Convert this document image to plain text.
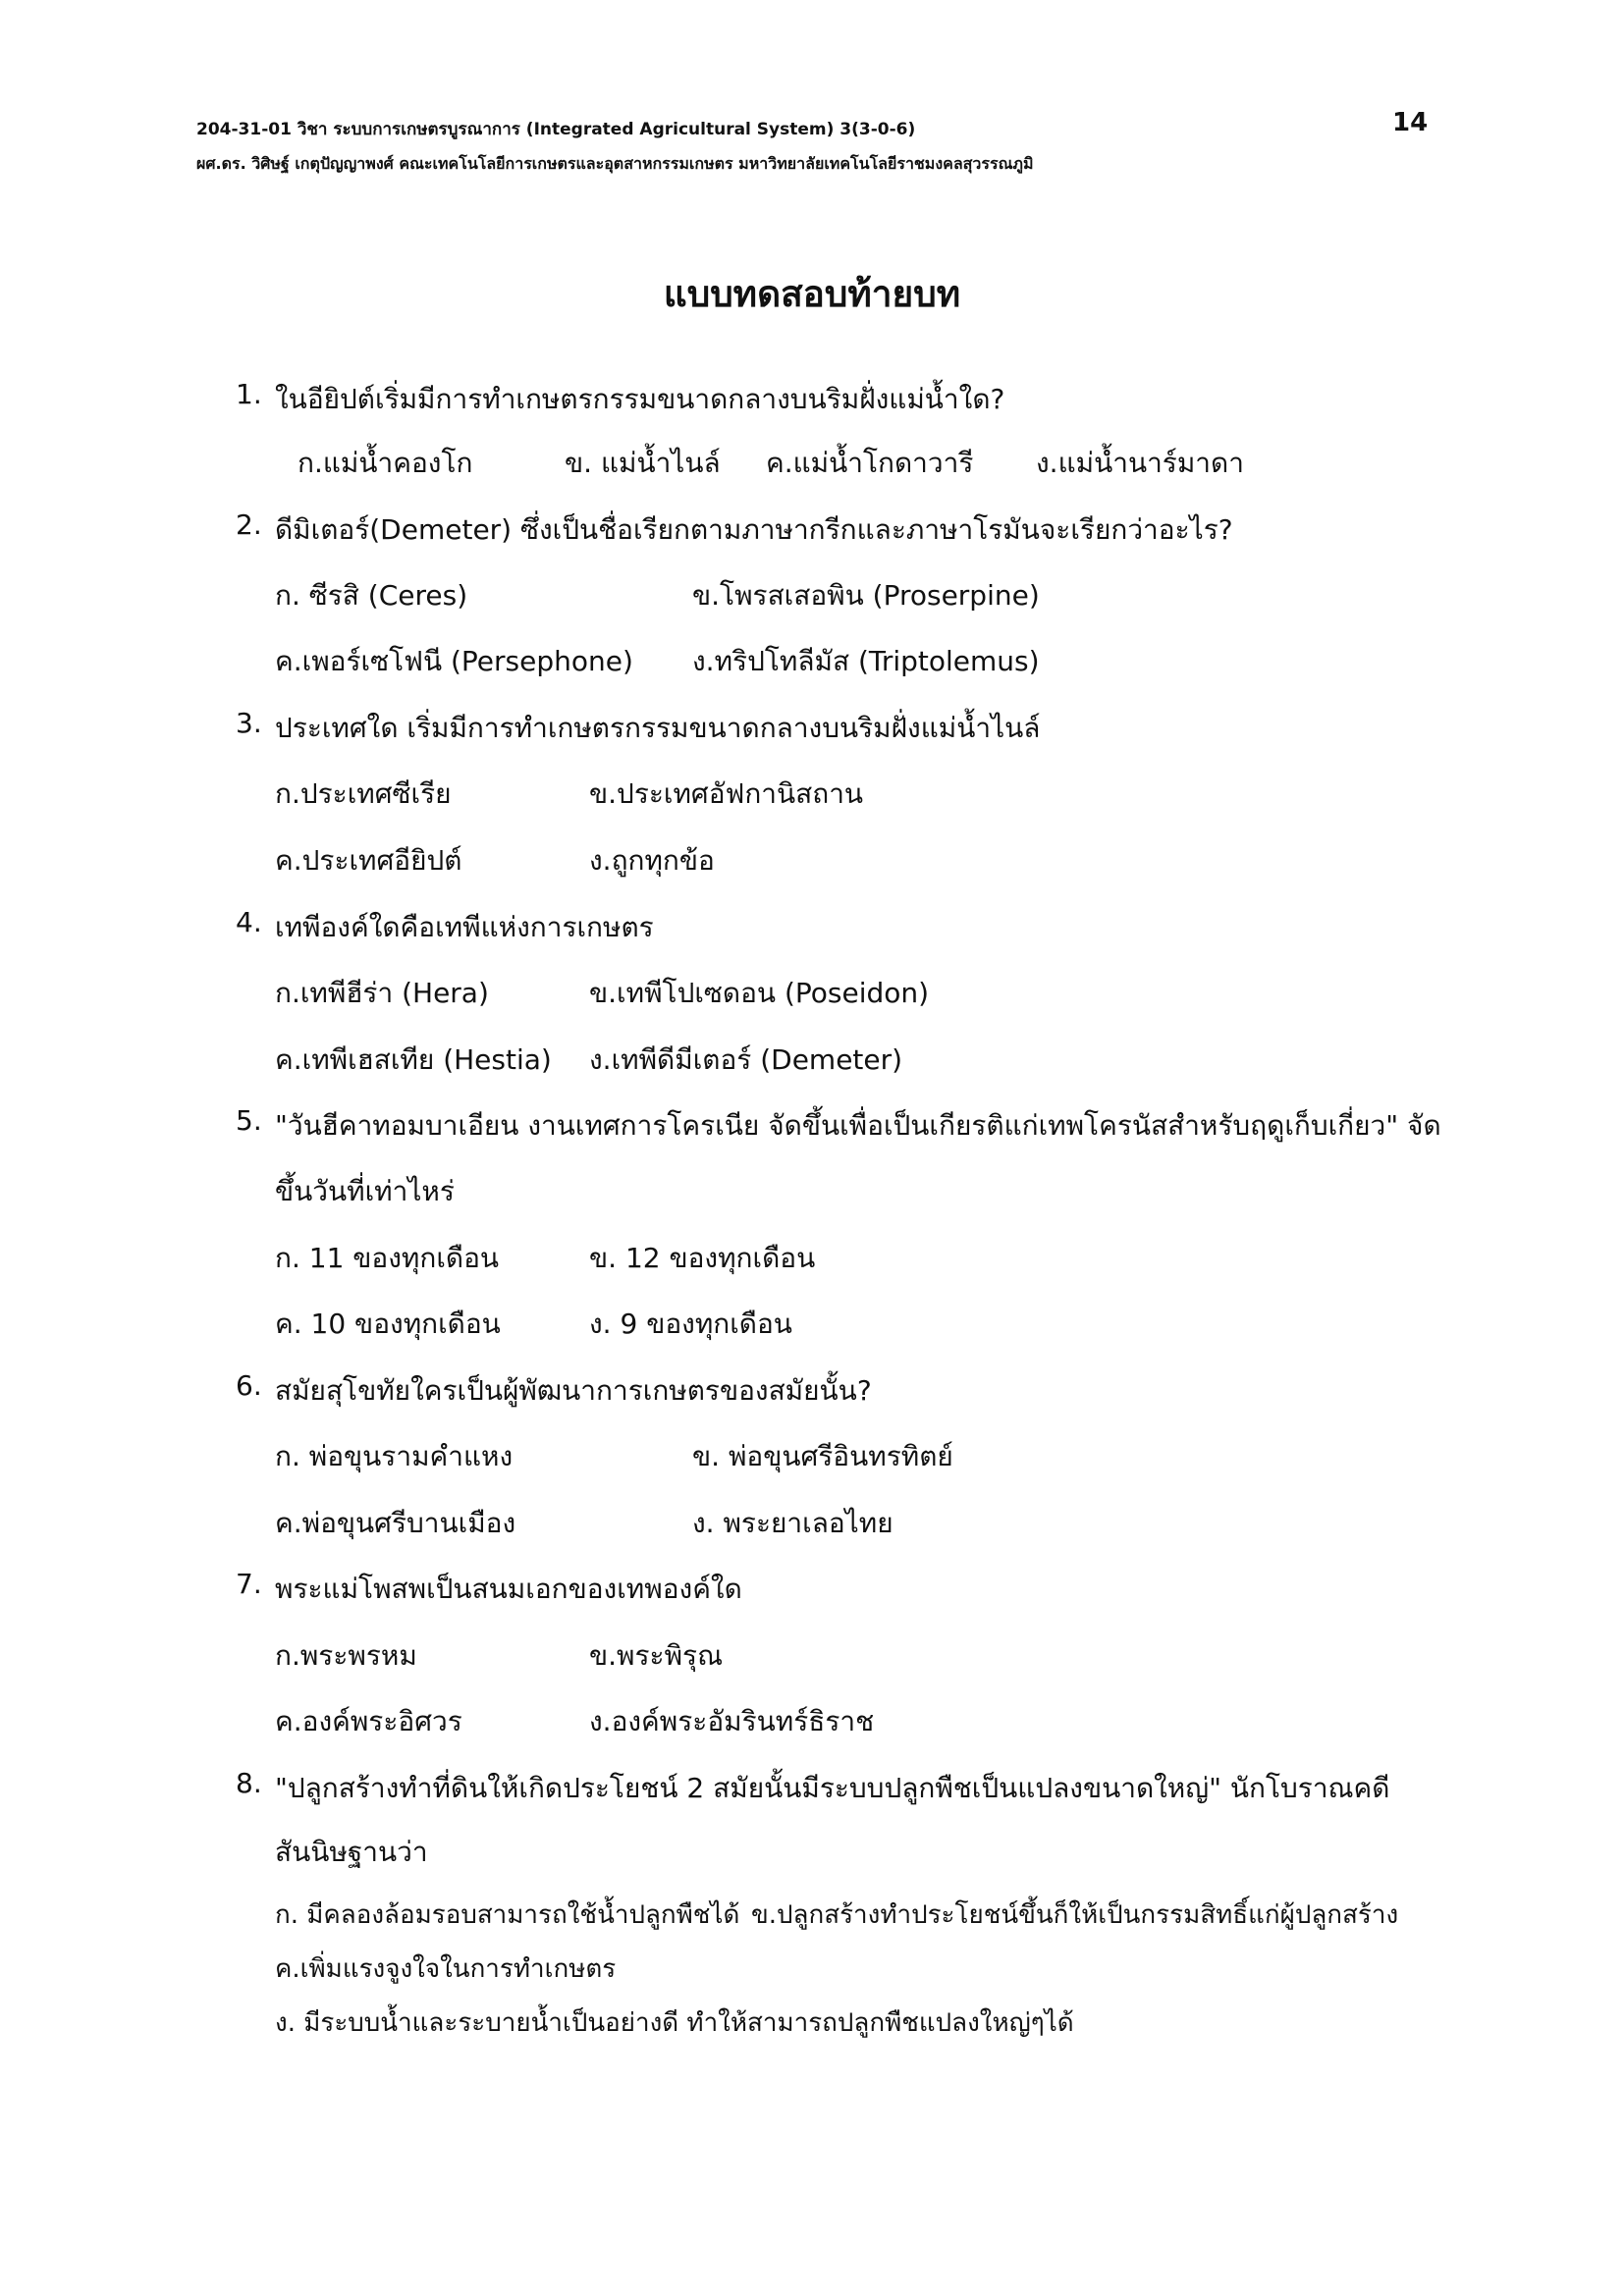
204-31-01 วิชา ระบบการเกษตรบูรณาการ (Integrated Agricultural System) 3(3-0-6)
ผศ.ดร. วิศิษฐ์ เกตุปัญญาพงศ์ คณะเทคโนโลยีการเกษตรและอุตสาหกรรมเกษตร มหาวิทยาลัยเทคโนโลยีราชมงคลสุวรรณภูมิ
14
แบบทดสอบท้ายบท
1. ในอียิปต์เริ่มมีการทำเกษตรกรรมขนาดกลางบนริมฝั่งแม่น้ำใด?
ก.แม่น้ำคองโก	ข. แม่น้ำไนล์ ค.แม่น้ำโกดาวารี ง.แม่น้ำนาร์มาดา
2. ดีมิเตอร์(Demeter) ซึ่งเป็นชื่อเรียกตามภาษากรีกและภาษาโรมันจะเรียกว่าอะไร?
ก. ซีรสิ (Ceres)	ข.โพรสเสอพิน (Proserpine)
ค.เพอร์เซโฟนี (Persephone) ง.ทริปโทลีมัส (Triptolemus)
3. ประเทศใด เริ่มมีการทำเกษตรกรรมขนาดกลางบนริมฝั่งแม่น้ำไนล์
ก.ประเทศซีเรีย	ข.ประเทศอัฟกานิสถาน
ค.ประเทศอียิปต์	ง.ถูกทุกข้อ
4. เทพีองค์ใดคือเทพีแห่งการเกษตร
ก.เทพีฮีร่า (Hera)	ข.เทพีโปเซดอน (Poseidon)
ค.เทพีเฮสเทีย (Hestia) ง.เทพีดีมีเตอร์ (Demeter)
5. "วันฮีคาทอมบาเอียน งานเทศการโครเนีย จัดขึ้นเพื่อเป็นเกียรติแก่เทพโครนัสสำหรับฤดูเก็บเกี่ยว" จัด
ขึ้นวันที่เท่าไหร่
ก. 11 ของทุกเดือน	ข. 12 ของทุกเดือน
ค. 10 ของทุกเดือน	ง. 9 ของทุกเดือน
6. สมัยสุโขทัยใครเป็นผู้พัฒนาการเกษตรของสมัยนั้น?
ก. พ่อขุนรามคำแหง	ข. พ่อขุนศรีอินทรทิตย์
ค.พ่อขุนศรีบานเมือง	ง. พระยาเลอไทย
7. พระแม่โพสพเป็นสนมเอกของเทพองค์ใด
ก.พระพรหม	ข.พระพิรุณ
ค.องค์พระอิศวร	ง.องค์พระอัมรินทร์ธิราช
8. "ปลูกสร้างทำที่ดินให้เกิดประโยชน์ 2 สมัยนั้นมีระบบปลูกพืชเป็นแปลงขนาดใหญ่" นักโบราณคดี
สันนิษฐานว่า
ก. มีคลองล้อมรอบสามารถใช้น้ำปลูกพืชได้ ข.ปลูกสร้างทำประโยชน์ขึ้นก็ให้เป็นกรรมสิทธิ์แก่ผู้ปลูกสร้าง
ค.เพิ่มแรงจูงใจในการทำเกษตร
ง. มีระบบน้ำและระบายน้ำเป็นอย่างดี ทำให้สามารถปลูกพืชแปลงใหญ่ๆได้
